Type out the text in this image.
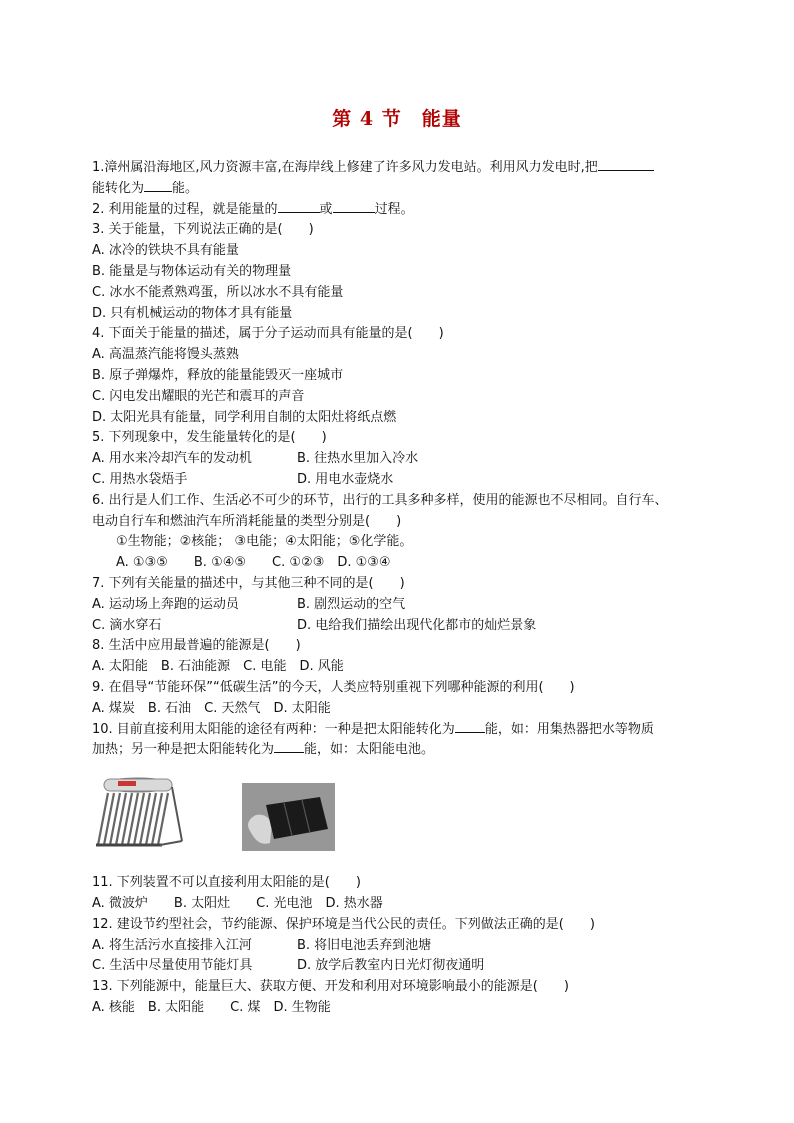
第 4 节　能量
1.漳州属沿海地区,风力资源丰富,在海岸线上修建了许多风力发电站。利用风力发电时,把
能转化为 能。
2. 利用能量的过程，就是能量的	或	过程。
3. 关于能量，下列说法正确的是(　　)
A. 冰冷的铁块不具有能量
B. 能量是与物体运动有关的物理量
C. 冰水不能煮熟鸡蛋，所以冰水不具有能量
D. 只有机械运动的物体才具有能量
4. 下面关于能量的描述，属于分子运动而具有能量的是(　　)
A. 高温蒸汽能将馒头蒸熟
B. 原子弹爆炸，释放的能量能毁灭一座城市
C. 闪电发出耀眼的光芒和震耳的声音
D. 太阳光具有能量，同学利用自制的太阳灶将纸点燃
5. 下列现象中，发生能量转化的是(　　)
A. 用水来冷却汽车的发动机	B. 往热水里加入冷水
C. 用热水袋焐手	D. 用电水壶烧水
6. 出行是人们工作、生活必不可少的环节，出行的工具多种多样，使用的能源也不尽相同。自行车、
电动自行车和燃油汽车所消耗能量的类型分别是(　　)
①生物能；②核能； ③电能；④太阳能；⑤化学能。
A. ①③⑤　　B. ①④⑤　　C. ①②③　D. ①③④
7. 下列有关能量的描述中，与其他三种不同的是(　　)
A. 运动场上奔跑的运动员	B. 剧烈运动的空气
C. 滴水穿石	D. 电给我们描绘出现代化都市的灿烂景象
8. 生活中应用最普遍的能源是(　　)
A. 太阳能　B. 石油能源　C. 电能　D. 风能
9. 在倡导“节能环保”“低碳生活”的今天，人类应特别重视下列哪种能源的利用(　　)
A. 煤炭　B. 石油　C. 天然气　D. 太阳能
10. 目前直接利用太阳能的途径有两种：一种是把太阳能转化为 能，如：用集热器把水等物质
加热；另一种是把太阳能转化为 能，如：太阳能电池。
11. 下列装置不可以直接利用太阳能的是(　　)
A. 微波炉　　B. 太阳灶　　C. 光电池　D. 热水器
12. 建设节约型社会，节约能源、保护环境是当代公民的责任。下列做法正确的是(　　)
A. 将生活污水直接排入江河	B. 将旧电池丢弃到池塘
C. 生活中尽量使用节能灯具	D. 放学后教室内日光灯彻夜通明
13. 下列能源中，能量巨大、获取方便、开发和利用对环境影响最小的能源是(　　)
A. 核能　B. 太阳能　　C. 煤　D. 生物能
